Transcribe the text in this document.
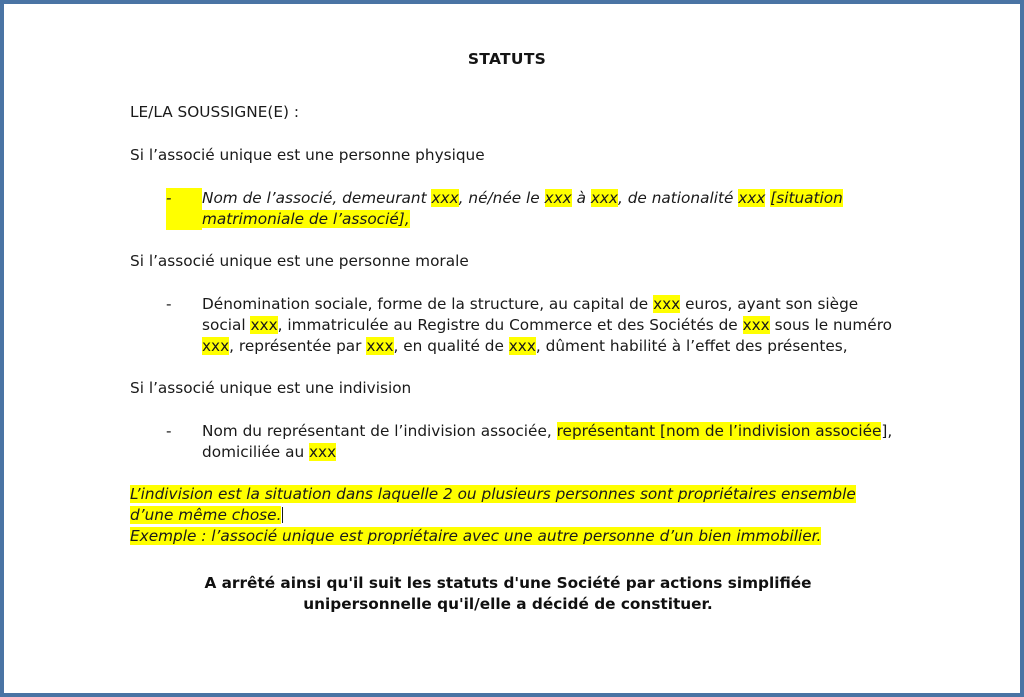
STATUTS

LE/LA SOUSSIGNE(E) :

Si l’associé unique est une personne physique

-	Nom de l’associé, demeurant xxx, né/née le xxx à xxx, de nationalité xxx [situation matrimoniale de l’associé],

Si l’associé unique est une personne morale

-	Dénomination sociale, forme de la structure, au capital de xxx euros, ayant son siège social xxx, immatriculée au Registre du Commerce et des Sociétés de xxx sous le numéro xxx, représentée par xxx, en qualité de xxx, dûment habilité à l’effet des présentes,

Si l’associé unique est une indivision

-	Nom du représentant de l’indivision associée, représentant [nom de l’indivision associée], domiciliée au xxx
L’indivision est la situation dans laquelle 2 ou plusieurs personnes sont propriétaires ensemble d’une même chose.
Exemple : l’associé unique est propriétaire avec une autre personne d’un bien immobilier.
A arrêté ainsi qu'il suit les statuts d'une Société par actions simplifiée unipersonnelle qu'il/elle a décidé de constituer.
